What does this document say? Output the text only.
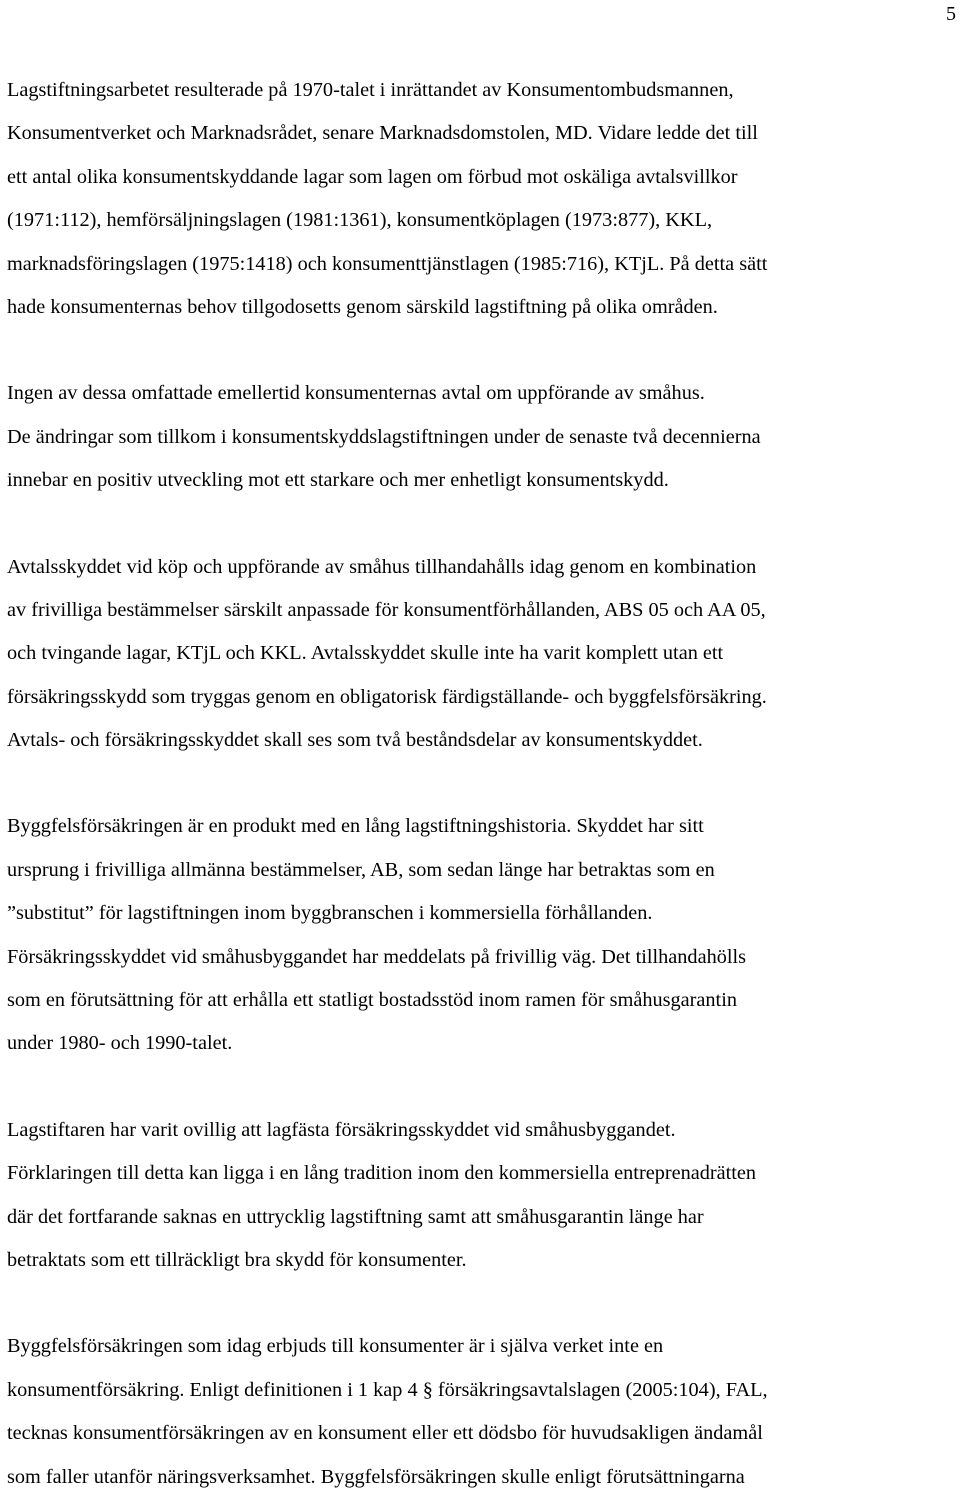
5

Lagstiftningsarbetet resulterade på 1970-talet i inrättandet av Konsumentombudsmannen,
Konsumentverket och Marknadsrådet, senare Marknadsdomstolen, MD. Vidare ledde det till
ett antal olika konsumentskyddande lagar som lagen om förbud mot oskäliga avtalsvillkor
(1971:112), hemförsäljningslagen (1981:1361), konsumentköplagen (1973:877), KKL,
marknadsföringslagen (1975:1418) och konsumenttjänstlagen (1985:716), KTjL. På detta sätt
hade konsumenternas behov tillgodosetts genom särskild lagstiftning på olika områden.

Ingen av dessa omfattade emellertid konsumenternas avtal om uppförande av småhus.
De ändringar som tillkom i konsumentskyddslagstiftningen under de senaste två decennierna
innebar en positiv utveckling mot ett starkare och mer enhetligt konsumentskydd.

Avtalsskyddet vid köp och uppförande av småhus tillhandahålls idag genom en kombination
av frivilliga bestämmelser särskilt anpassade för konsumentförhållanden, ABS 05 och AA 05,
och tvingande lagar, KTjL och KKL. Avtalsskyddet skulle inte ha varit komplett utan ett
försäkringsskydd som tryggas genom en obligatorisk färdigställande- och byggfelsförsäkring.
Avtals- och försäkringsskyddet skall ses som två beståndsdelar av konsumentskyddet.

Byggfelsförsäkringen är en produkt med en lång lagstiftningshistoria. Skyddet har sitt
ursprung i frivilliga allmänna bestämmelser, AB, som sedan länge har betraktas som en
”substitut” för lagstiftningen inom byggbranschen i kommersiella förhållanden.
Försäkringsskyddet vid småhusbyggandet har meddelats på frivillig väg. Det tillhandahölls
som en förutsättning för att erhålla ett statligt bostadsstöd inom ramen för småhusgarantin
under 1980- och 1990-talet.

Lagstiftaren har varit ovillig att lagfästa försäkringsskyddet vid småhusbyggandet.
Förklaringen till detta kan ligga i en lång tradition inom den kommersiella entreprenadrätten
där det fortfarande saknas en uttrycklig lagstiftning samt att småhusgarantin länge har
betraktats som ett tillräckligt bra skydd för konsumenter.

Byggfelsförsäkringen som idag erbjuds till konsumenter är i själva verket inte en
konsumentförsäkring. Enligt definitionen i 1 kap 4 § försäkringsavtalslagen (2005:104), FAL,
tecknas konsumentförsäkringen av en konsument eller ett dödsbo för huvudsakligen ändamål
som faller utanför näringsverksamhet. Byggfelsförsäkringen skulle enligt förutsättningarna
